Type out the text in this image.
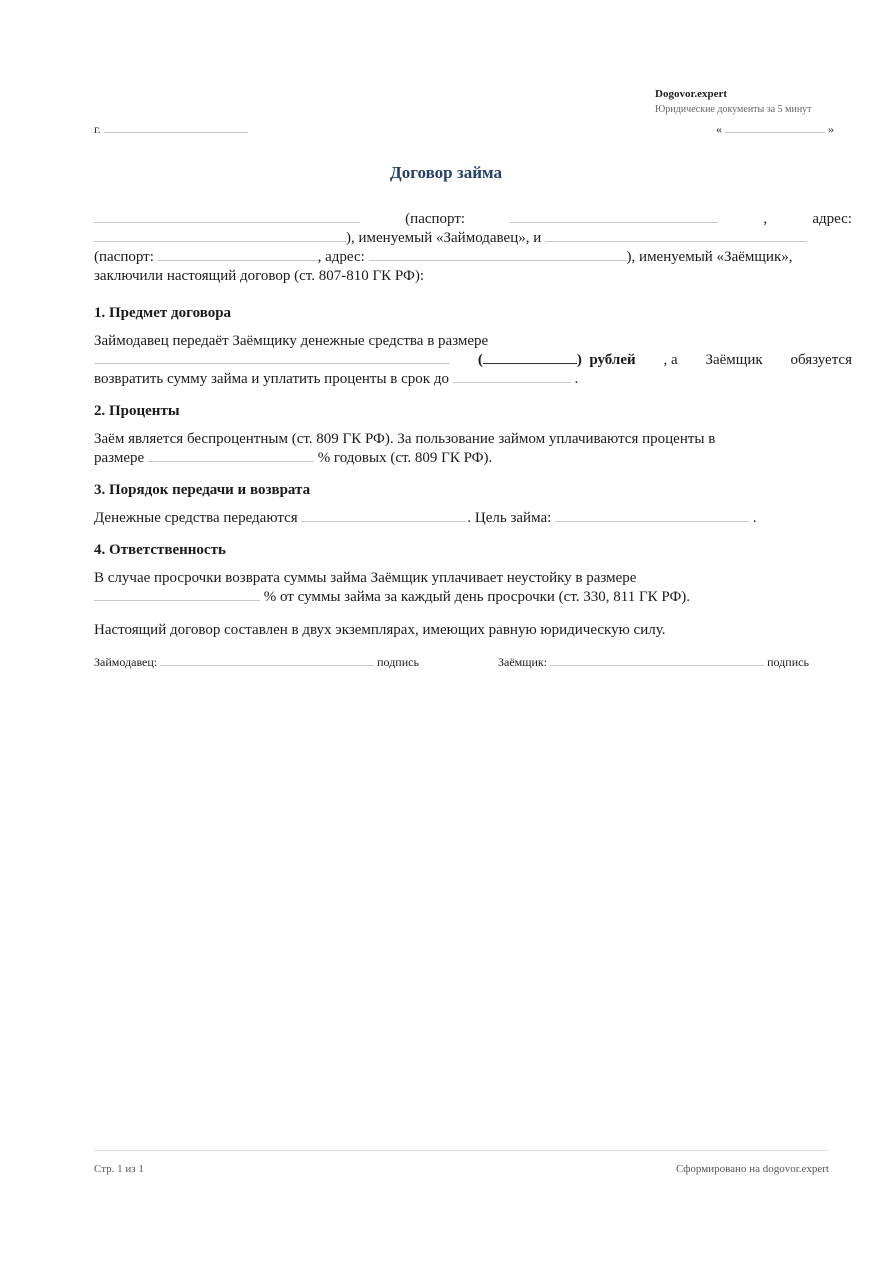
Dogovor.expert
Юридические документы за 5 минут
г.	«	»
Договор займа
(паспорт:	,	адрес:
), именуемый «Займодавец», и
(паспорт:	, адрес:	), именуемый «Заёмщик»,
заключили настоящий договор (ст. 807-810 ГК РФ):
1. Предмет договора
Займодавец передаёт Заёмщику денежные средства в размере
(	) рублей , а Заёмщик обязуется
возвратить сумму займа и уплатить проценты в срок до	.
2. Проценты
Заём является беспроцентным (ст. 809 ГК РФ). За пользование займом уплачиваются проценты в
размере	% годовых (ст. 809 ГК РФ).
3. Порядок передачи и возврата
Денежные средства передаются	. Цель займа:	.
4. Ответственность
В случае просрочки возврата суммы займа Заёмщик уплачивает неустойку в размере
% от суммы займа за каждый день просрочки (ст. 330, 811 ГК РФ).
Настоящий договор составлен в двух экземплярах, имеющих равную юридическую силу.
Займодавец:	подпись	Заёмщик:	подпись
Стр. 1 из 1	Сформировано на dogovor.expert
